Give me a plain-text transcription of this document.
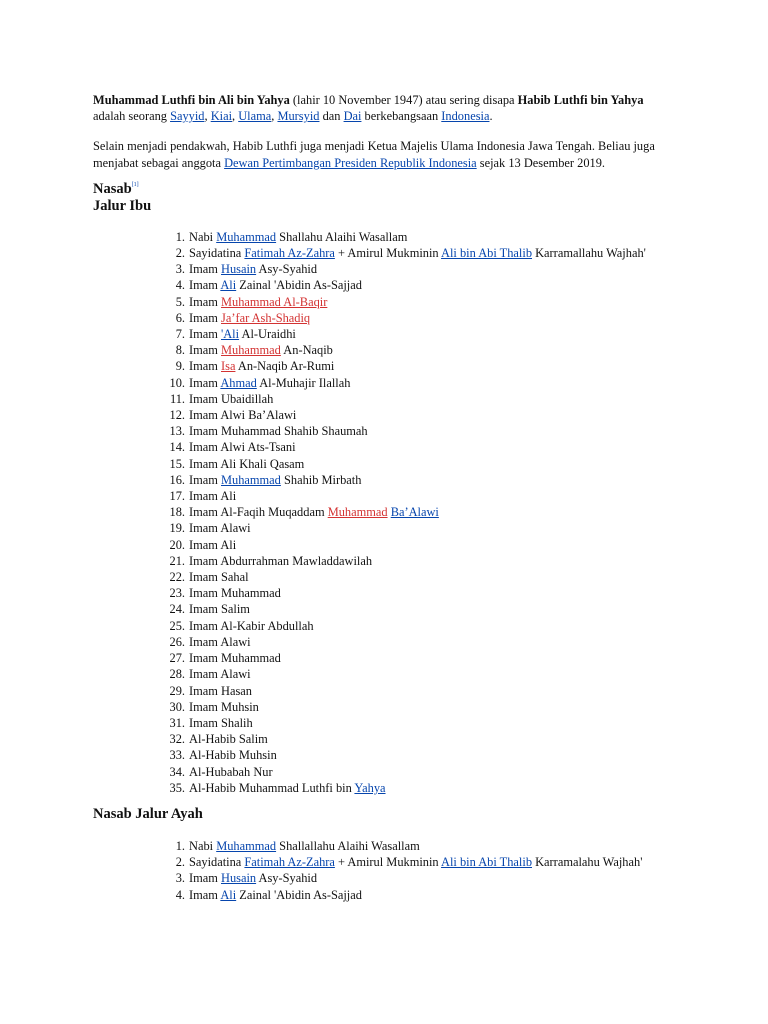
Muhammad Luthfi bin Ali bin Yahya (lahir 10 November 1947) atau sering disapa Habib Luthfi bin Yahya adalah seorang Sayyid, Kiai, Ulama, Mursyid dan Dai berkebangsaan Indonesia.

Selain menjadi pendakwah, Habib Luthfi juga menjadi Ketua Majelis Ulama Indonesia Jawa Tengah. Beliau juga menjabat sebagai anggota Dewan Pertimbangan Presiden Republik Indonesia sejak 13 Desember 2019.

Nasab[1]
Jalur Ibu
1. Nabi Muhammad Shallahu Alaihi Wasallam
2. Sayidatina Fatimah Az-Zahra + Amirul Mukminin Ali bin Abi Thalib Karramallahu Wajhah'
3. Imam Husain Asy-Syahid
4. Imam Ali Zainal 'Abidin As-Sajjad
5. Imam Muhammad Al-Baqir
6. Imam Ja’far Ash-Shadiq
7. Imam 'Ali Al-Uraidhi
8. Imam Muhammad An-Naqib
9. Imam Isa An-Naqib Ar-Rumi
10. Imam Ahmad Al-Muhajir Ilallah
11. Imam Ubaidillah
12. Imam Alwi Ba’Alawi
13. Imam Muhammad Shahib Shaumah
14. Imam Alwi Ats-Tsani
15. Imam Ali Khali Qasam
16. Imam Muhammad Shahib Mirbath
17. Imam Ali
18. Imam Al-Faqih Muqaddam Muhammad Ba’Alawi
19. Imam Alawi
20. Imam Ali
21. Imam Abdurrahman Mawladdawilah
22. Imam Sahal
23. Imam Muhammad
24. Imam Salim
25. Imam Al-Kabir Abdullah
26. Imam Alawi
27. Imam Muhammad
28. Imam Alawi
29. Imam Hasan
30. Imam Muhsin
31. Imam Shalih
32. Al-Habib Salim
33. Al-Habib Muhsin
34. Al-Hubabah Nur
35. Al-Habib Muhammad Luthfi bin Yahya
Nasab Jalur Ayah
1. Nabi Muhammad Shallallahu Alaihi Wasallam
2. Sayidatina Fatimah Az-Zahra + Amirul Mukminin Ali bin Abi Thalib Karramalahu Wajhah'
3. Imam Husain Asy-Syahid
4. Imam Ali Zainal 'Abidin As-Sajjad
